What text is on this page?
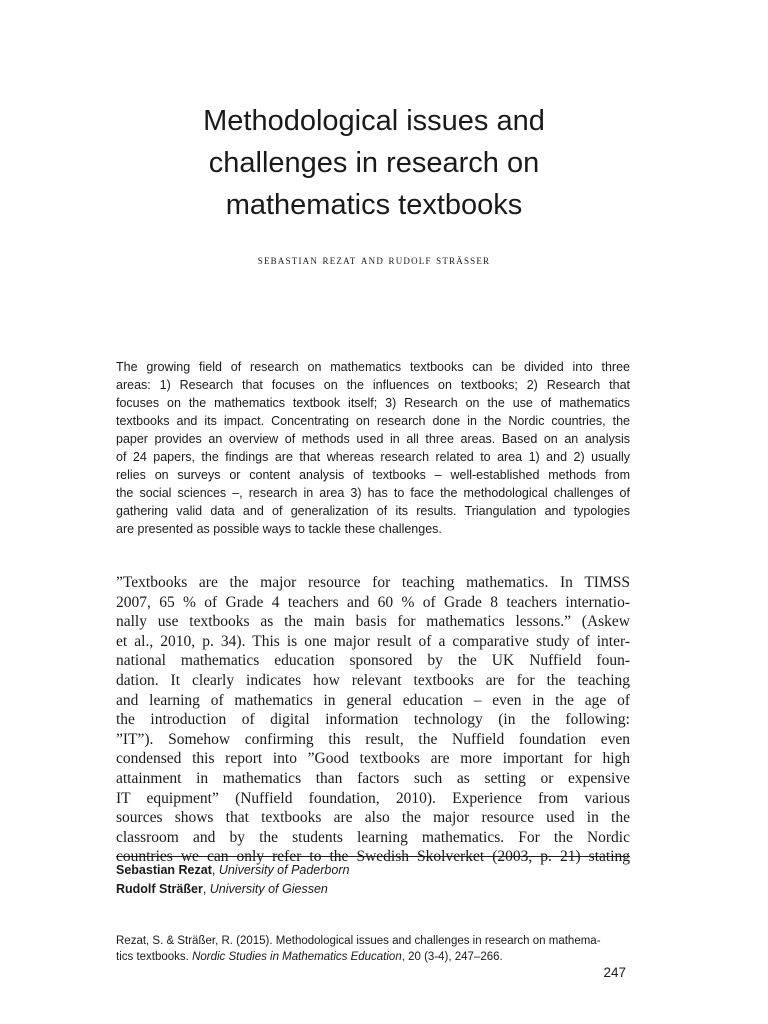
Methodological issues and
challenges in research on
mathematics textbooks
sebastian rezat and rudolf strässer
The growing field of research on mathematics textbooks can be divided into three
areas: 1) Research that focuses on the influences on textbooks; 2) Research that
focuses on the mathematics textbook itself; 3) Research on the use of mathematics
textbooks and its impact. Concentrating on research done in the Nordic countries, the
paper provides an overview of methods used in all three areas. Based on an analysis
of 24 papers, the findings are that whereas research related to area 1) and 2) usually
relies on surveys or content analysis of textbooks – well-established methods from
the social sciences –, research in area 3) has to face the methodological challenges of
gathering valid data and of generalization of its results. Triangulation and typologies
are presented as possible ways to tackle these challenges.
”Textbooks are the major resource for teaching mathematics. In TIMSS
2007, 65 % of Grade 4 teachers and 60 % of Grade 8 teachers internatio-
nally use textbooks as the main basis for mathematics lessons.” (Askew
et al., 2010, p. 34). This is one major result of a comparative study of inter-
national mathematics education sponsored by the UK Nuffield foun-
dation. It clearly indicates how relevant textbooks are for the teaching
and learning of mathematics in general education – even in the age of
the introduction of digital information technology (in the following:
”IT”). Somehow confirming this result, the Nuffield foundation even
condensed this report into ”Good textbooks are more important for high
attainment in mathematics than factors such as setting or expensive
IT equipment” (Nuffield foundation, 2010). Experience from various
sources shows that textbooks are also the major resource used in the
classroom and by the students learning mathematics. For the Nordic
countries we can only refer to the Swedish Skolverket (2003, p. 21) stating
Sebastian Rezat, University of Paderborn
Rudolf Sträßer, University of Giessen
Rezat, S. & Sträßer, R. (2015). Methodological issues and challenges in research on mathema-
tics textbooks. Nordic Studies in Mathematics Education, 20 (3-4), 247–266.
247
